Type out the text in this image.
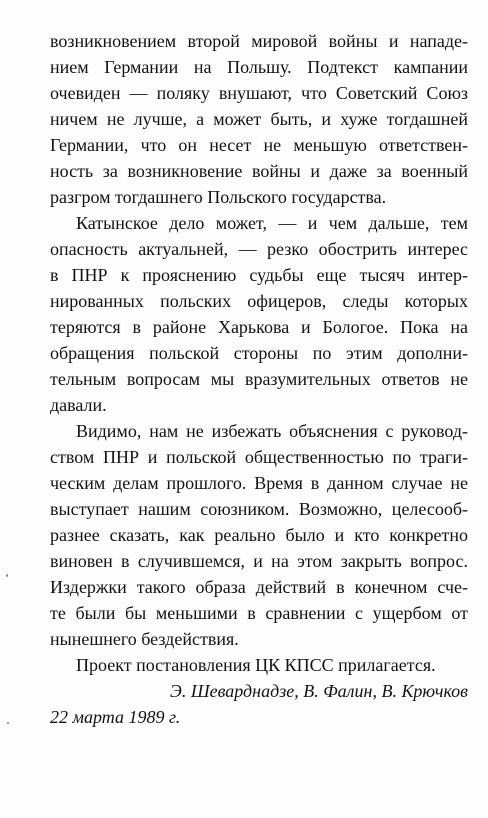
возникновением второй мировой войны и нападе-
нием Германии на Польшу. Подтекст кампании
очевиден — поляку внушают, что Советский Союз
ничем не лучше, а может быть, и хуже тогдашней
Германии, что он несет не меньшую ответствен-
ность за возникновение войны и даже за военный
разгром тогдашнего Польского государства.
Катынское дело может, — и чем дальше, тем
опасность актуальней, — резко обострить интерес
в ПНР к прояснению судьбы еще тысяч интер-
нированных польских офицеров, следы которых
теряются в районе Харькова и Бологое. Пока на
обращения польской стороны по этим дополни-
тельным вопросам мы вразумительных ответов не
давали.
Видимо, нам не избежать объяснения с руковод-
ством ПНР и польской общественностью по траги-
ческим делам прошлого. Время в данном случае не
выступает нашим союзником. Возможно, целесооб-
разнее сказать, как реально было и кто конкретно
виновен в случившемся, и на этом закрыть вопрос.
Издержки такого образа действий в конечном сче-
те были бы меньшими в сравнении с ущербом от
нынешнего бездействия.
Проект постановления ЦК КПСС прилагается.
Э. Шеварднадзе, В. Фалин, В. Крючков
22 марта 1989 г.
